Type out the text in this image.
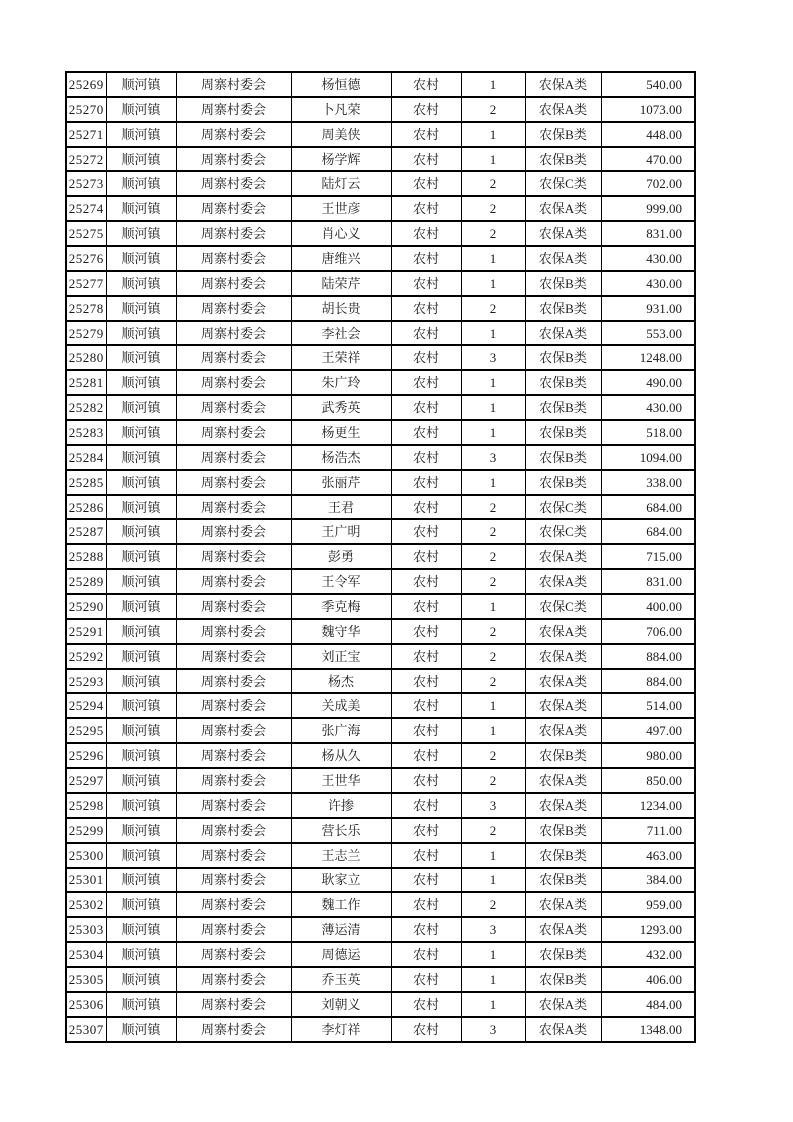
25269	顺河镇	周寨村委会	杨恒德	农村	1	农保A类	540.00
25270	顺河镇	周寨村委会	卜凡荣	农村	2	农保A类	1073.00
25271	顺河镇	周寨村委会	周美侠	农村	1	农保B类	448.00
25272	顺河镇	周寨村委会	杨学辉	农村	1	农保B类	470.00
25273	顺河镇	周寨村委会	陆灯云	农村	2	农保C类	702.00
25274	顺河镇	周寨村委会	王世彦	农村	2	农保A类	999.00
25275	顺河镇	周寨村委会	肖心义	农村	2	农保A类	831.00
25276	顺河镇	周寨村委会	唐维兴	农村	1	农保A类	430.00
25277	顺河镇	周寨村委会	陆荣芹	农村	1	农保B类	430.00
25278	顺河镇	周寨村委会	胡长贵	农村	2	农保B类	931.00
25279	顺河镇	周寨村委会	李社会	农村	1	农保A类	553.00
25280	顺河镇	周寨村委会	王荣祥	农村	3	农保B类	1248.00
25281	顺河镇	周寨村委会	朱广玲	农村	1	农保B类	490.00
25282	顺河镇	周寨村委会	武秀英	农村	1	农保B类	430.00
25283	顺河镇	周寨村委会	杨更生	农村	1	农保B类	518.00
25284	顺河镇	周寨村委会	杨浩杰	农村	3	农保B类	1094.00
25285	顺河镇	周寨村委会	张丽芹	农村	1	农保B类	338.00
25286	顺河镇	周寨村委会	王君	农村	2	农保C类	684.00
25287	顺河镇	周寨村委会	王广明	农村	2	农保C类	684.00
25288	顺河镇	周寨村委会	彭勇	农村	2	农保A类	715.00
25289	顺河镇	周寨村委会	王令军	农村	2	农保A类	831.00
25290	顺河镇	周寨村委会	季克梅	农村	1	农保C类	400.00
25291	顺河镇	周寨村委会	魏守华	农村	2	农保A类	706.00
25292	顺河镇	周寨村委会	刘正宝	农村	2	农保A类	884.00
25293	顺河镇	周寨村委会	杨杰	农村	2	农保A类	884.00
25294	顺河镇	周寨村委会	关成美	农村	1	农保A类	514.00
25295	顺河镇	周寨村委会	张广海	农村	1	农保A类	497.00
25296	顺河镇	周寨村委会	杨从久	农村	2	农保B类	980.00
25297	顺河镇	周寨村委会	王世华	农村	2	农保A类	850.00
25298	顺河镇	周寨村委会	许掺	农村	3	农保A类	1234.00
25299	顺河镇	周寨村委会	营长乐	农村	2	农保B类	711.00
25300	顺河镇	周寨村委会	王志兰	农村	1	农保B类	463.00
25301	顺河镇	周寨村委会	耿家立	农村	1	农保B类	384.00
25302	顺河镇	周寨村委会	魏工作	农村	2	农保A类	959.00
25303	顺河镇	周寨村委会	薄运清	农村	3	农保A类	1293.00
25304	顺河镇	周寨村委会	周德运	农村	1	农保B类	432.00
25305	顺河镇	周寨村委会	乔玉英	农村	1	农保B类	406.00
25306	顺河镇	周寨村委会	刘朝义	农村	1	农保A类	484.00
25307	顺河镇	周寨村委会	李灯祥	农村	3	农保A类	1348.00
